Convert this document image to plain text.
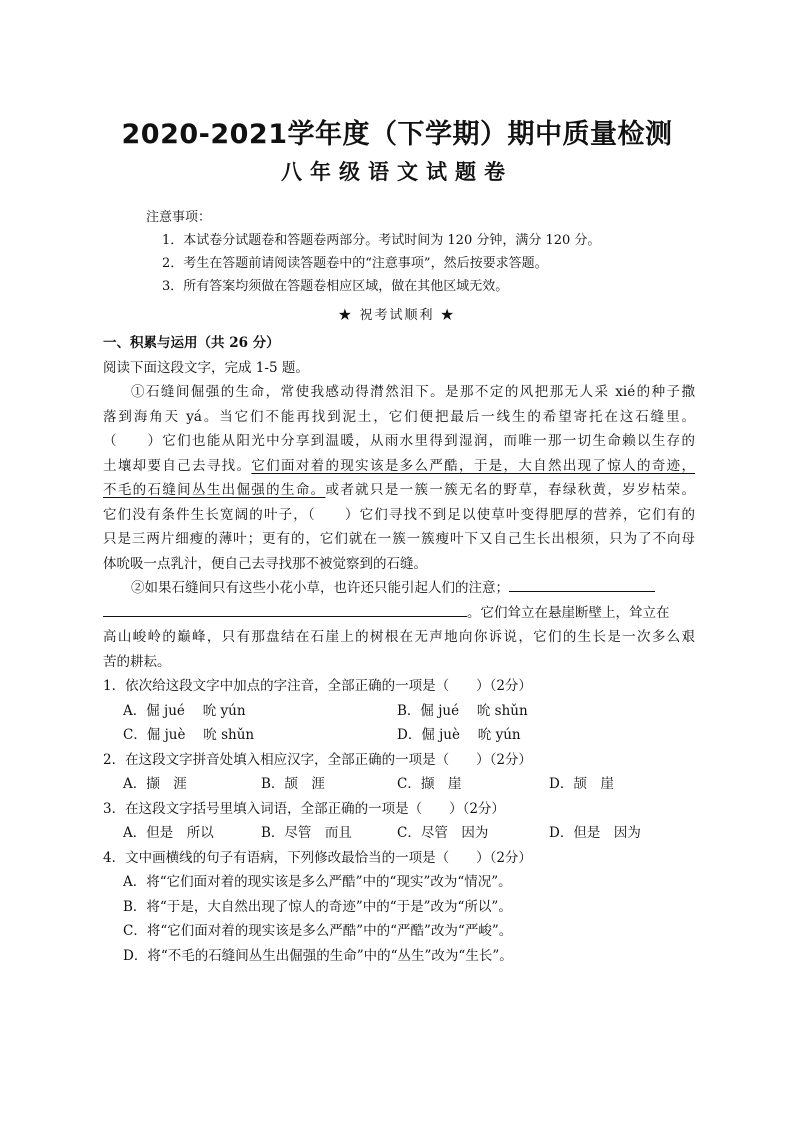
2020-2021学年度（下学期）期中质量检测
八年级语文试题卷
注意事项：
1．本试卷分试题卷和答题卷两部分。考试时间为 120 分钟，满分 120 分。
2．考生在答题前请阅读答题卷中的“注意事项”，然后按要求答题。
3．所有答案均须做在答题卷相应区域，做在其他区域无效。
★ 祝考试顺利 ★
一、积累与运用（共 26 分）
阅读下面这段文字，完成 1-5 题。
①石缝间倔强的生命，常使我感动得潸然泪下。是那不定的风把那无人采 xié的种子撒
落到海角天 yá。当它们不能再找到泥土，它们便把最后一线生的希望寄托在这石缝里。
（　　）它们也能从阳光中分享到温暖，从雨水里得到湿润，而唯一那一切生命赖以生存的
土壤却要自己去寻找。它们面对着的现实该是多么严酷，于是，大自然出现了惊人的奇迹，
不毛的石缝间丛生出倔强的生命。或者就只是一簇一簇无名的野草，春绿秋黄，岁岁枯荣。
它们没有条件生长宽阔的叶子，（　　）它们寻找不到足以使草叶变得肥厚的营养，它们有的
只是三两片细瘦的薄叶；更有的，它们就在一簇一簇瘦叶下又自己生长出根须，只为了不向母
体吮吸一点乳汁，便自己去寻找那不被觉察到的石缝。
②如果石缝间只有这些小花小草，也许还只能引起人们的注意；
。它们耸立在悬崖断壁上，耸立在
高山峻岭的巅峰，只有那盘结在石崖上的树根在无声地向你诉说，它们的生长是一次多么艰
苦的耕耘。
1．依次给这段文字中加点的字注音，全部正确的一项是（　　）（2分）
A．倔 jué　 吮 yún	B．倔 jué　 吮 shǔn
C．倔 juè　 吮 shǔn	D．倔 juè　 吮 yún
2．在这段文字拼音处填入相应汉字，全部正确的一项是（　　）（2分）
A．撷　涯	B．颉　涯	C．撷　崖	D．颉　崖
3．在这段文字括号里填入词语，全部正确的一项是（　　）（2分）
A．但是　所以	B．尽管　而且	C．尽管　因为	D．但是　因为
4．文中画横线的句子有语病，下列修改最恰当的一项是（　　）（2分）
A．将“它们面对着的现实该是多么严酷”中的“现实”改为“情况”。
B．将“于是，大自然出现了惊人的奇迹”中的“于是”改为“所以”。
C．将“它们面对着的现实该是多么严酷”中的“严酷”改为“严峻”。
D．将“不毛的石缝间丛生出倔强的生命”中的“丛生”改为“生长”。
